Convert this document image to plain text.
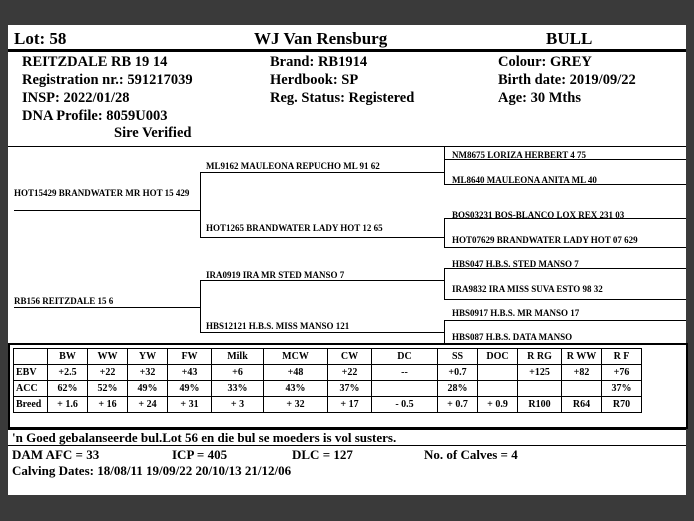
Lot: 58	WJ Van Rensburg	BULL
REITZDALE RB 19 14
Registration nr.: 591217039
INSP: 2022/01/28
DNA Profile: 8059U003
Sire Verified
Brand: RB1914
Herdbook: SP
Reg. Status: Registered
Colour: GREY
Birth date: 2019/09/22
Age: 30 Mths
HOT15429 BRANDWATER MR HOT 15 429
RB156 REITZDALE 15 6
ML9162 MAULEONA REPUCHO ML 91 62
HOT1265 BRANDWATER LADY HOT 12 65
IRA0919 IRA MR STED MANSO 7
HBS12121 H.B.S. MISS MANSO 121
NM8675 LORIZA HERBERT 4 75
ML8640 MAULEONA ANITA ML 40
BOS03231 BOS-BLANCO LOX REX 231 03
HOT07629 BRANDWATER LADY HOT 07 629
HBS047 H.B.S. STED MANSO 7
IRA9832 IRA MISS SUVA ESTO 98 32
HBS0917 H.B.S. MR MANSO 17
HBS087 H.B.S. DATA MANSO
	BW	WW	YW	FW	Milk	MCW	CW	DC	SS	DOC	R RG	R WW	R F
EBV	+2.5	+22	+32	+43	+6	+48	+22	--	+0.7		+125	+82	+76
ACC	62%	52%	49%	49%	33%	43%	37%		28%				37%
Breed	+ 1.6	+ 16	+ 24	+ 31	+ 3	+ 32	+ 17	- 0.5	+ 0.7	+ 0.9	R100	R64	R70
'n Goed gebalanseerde bul.Lot 56 en die bul se moeders is vol susters.
DAM AFC = 33	ICP = 405	DLC = 127	No. of Calves = 4
Calving Dates: 18/08/11 19/09/22 20/10/13 21/12/06
